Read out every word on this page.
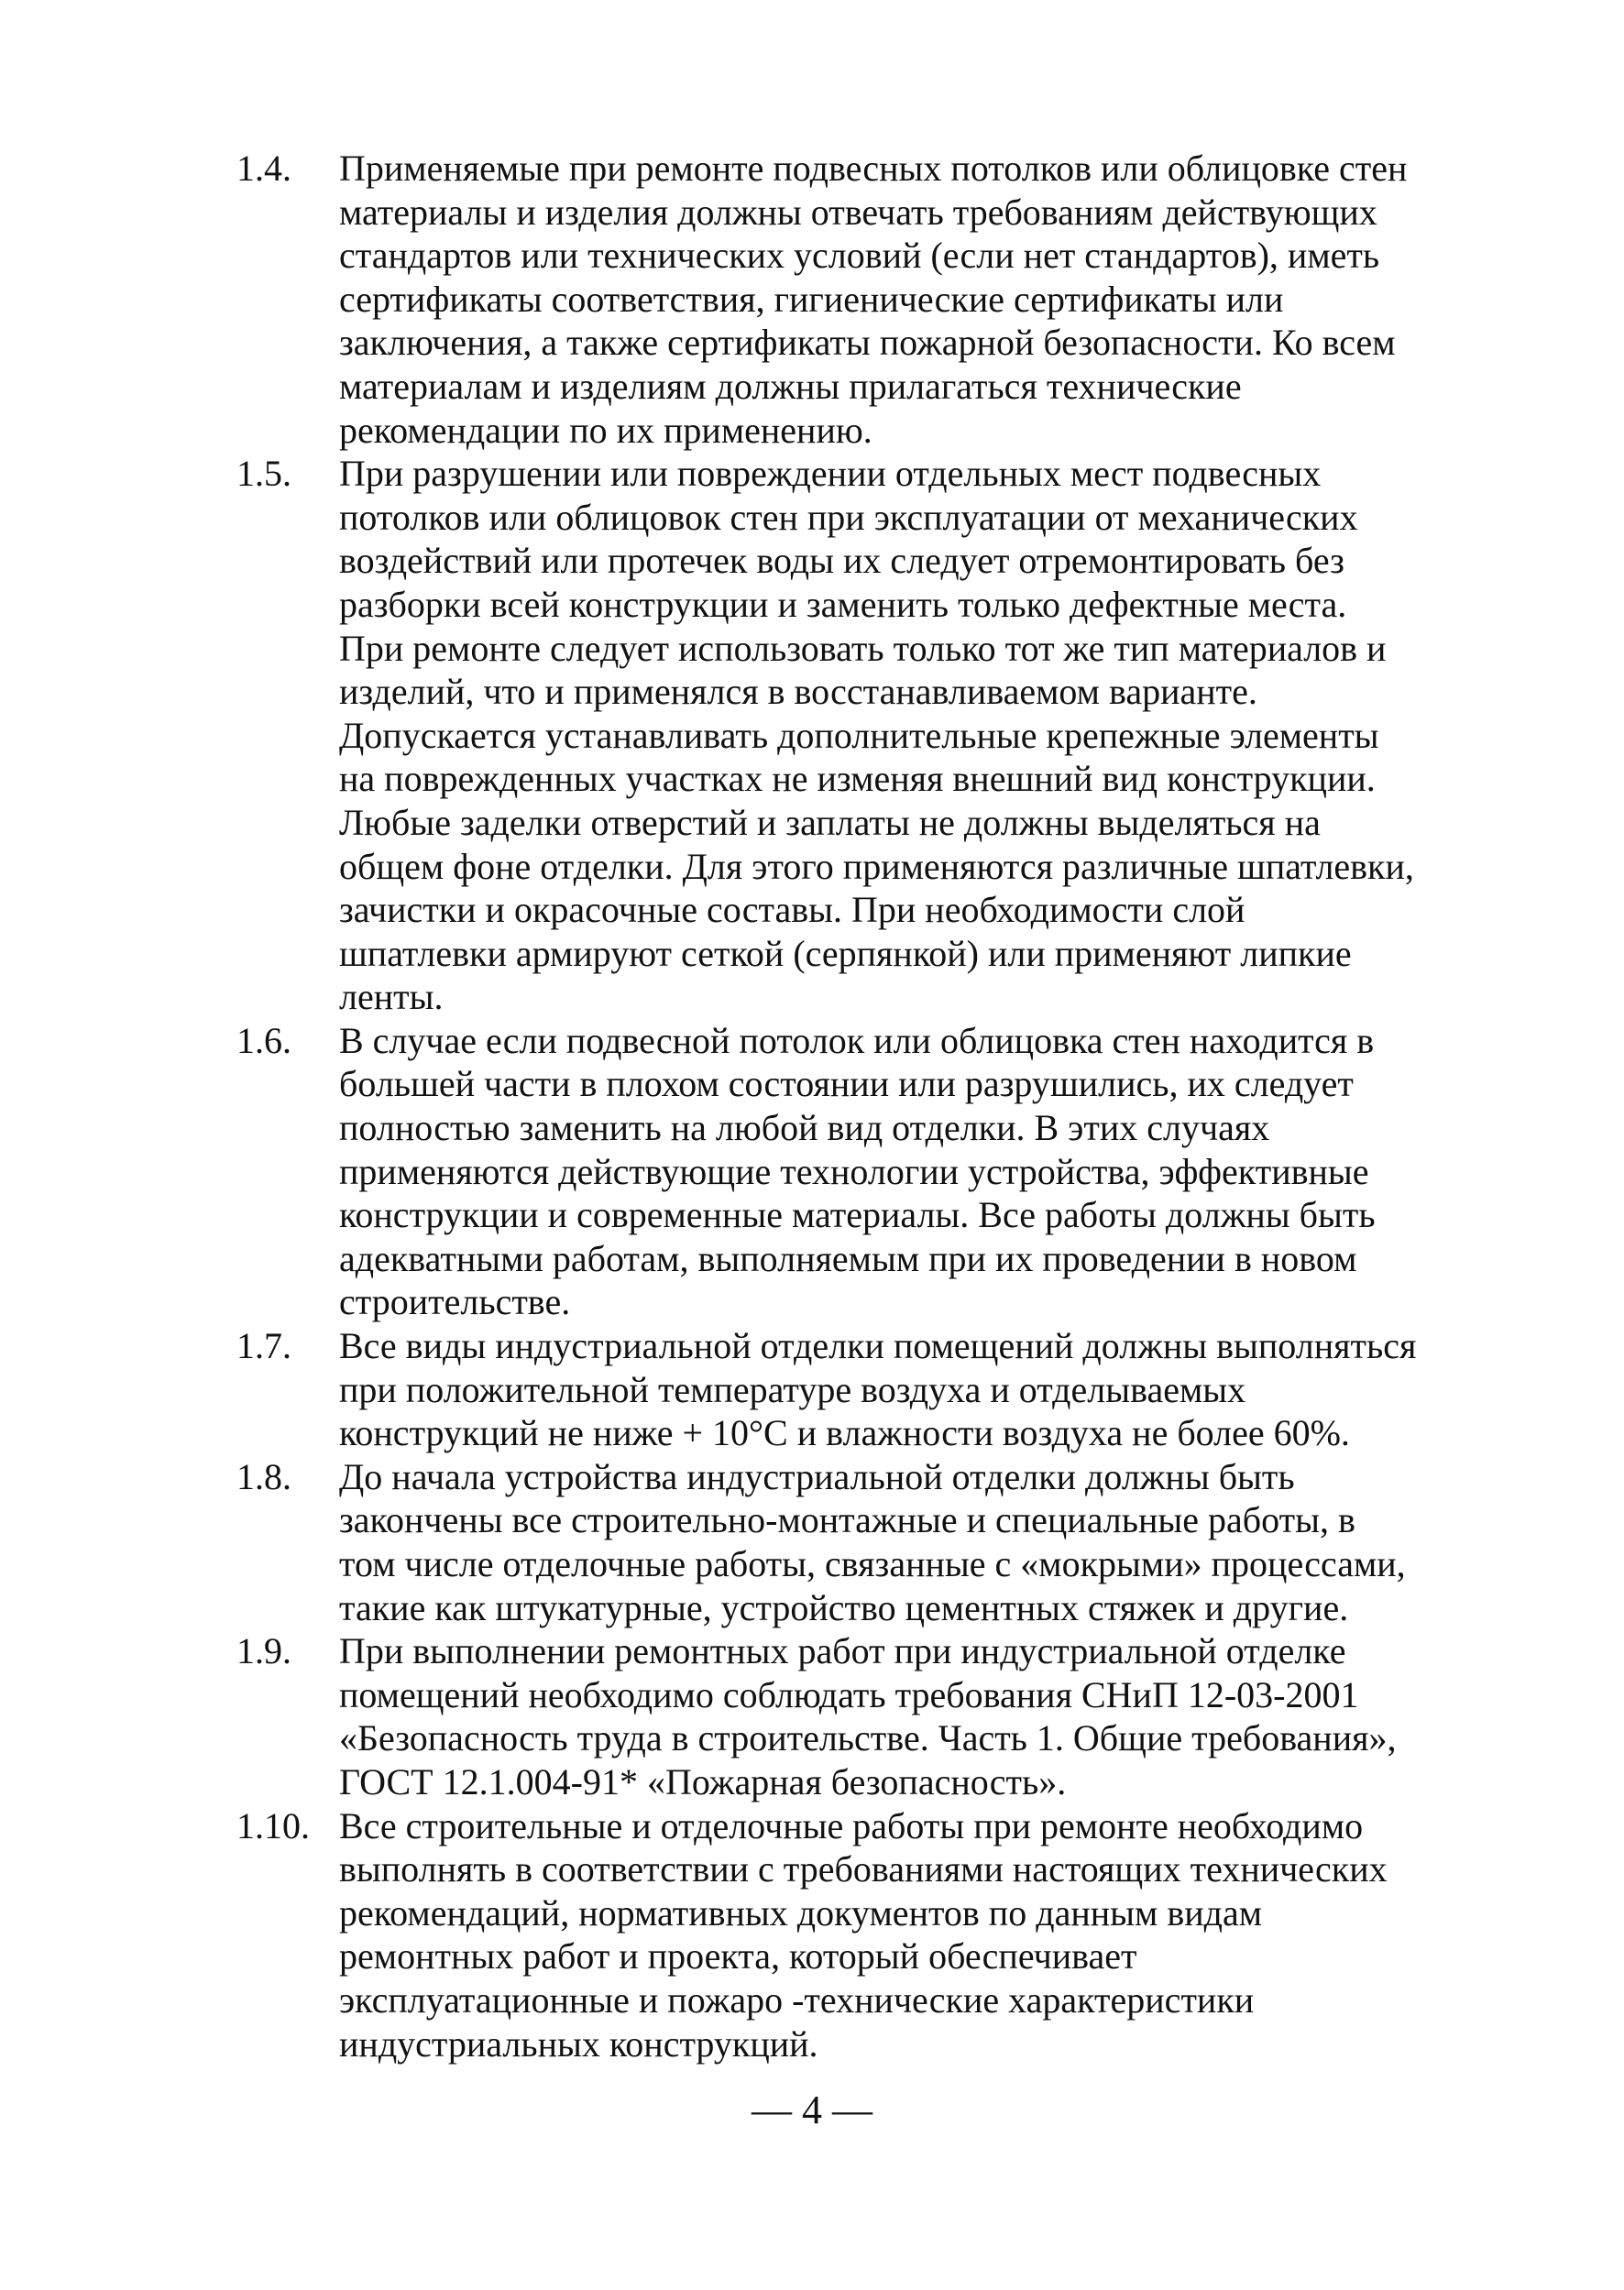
1.4.	Применяемые при ремонте подвесных потолков или облицовке стен
материалы и изделия должны отвечать требованиям действующих
стандартов или технических условий (если нет стандартов), иметь
сертификаты соответствия, гигиенические сертификаты или
заключения, а также сертификаты пожарной безопасности. Ко всем
материалам и изделиям должны прилагаться технические
рекомендации по их применению.
1.5.	При разрушении или повреждении отдельных мест подвесных
потолков или облицовок стен при эксплуатации от механических
воздействий или протечек воды их следует отремонтировать без
разборки всей конструкции и заменить только дефектные места.
При ремонте следует использовать только тот же тип материалов и
изделий, что и применялся в восстанавливаемом варианте.
Допускается устанавливать дополнительные крепежные элементы
на поврежденных участках не изменяя внешний вид конструкции.
Любые заделки отверстий и заплаты не должны выделяться на
общем фоне отделки. Для этого применяются различные шпатлевки,
зачистки и окрасочные составы. При необходимости слой
шпатлевки армируют сеткой (серпянкой) или применяют липкие
ленты.
1.6.	В случае если подвесной потолок или облицовка стен находится в
большей части в плохом состоянии или разрушились, их следует
полностью заменить на любой вид отделки. В этих случаях
применяются действующие технологии устройства, эффективные
конструкции и современные материалы. Все работы должны быть
адекватными работам, выполняемым при их проведении в новом
строительстве.
1.7.	Все виды индустриальной отделки помещений должны выполняться
при положительной температуре воздуха и отделываемых
конструкций не ниже + 10°С и влажности воздуха не более 60%.
1.8.	До начала устройства индустриальной отделки должны быть
закончены все строительно-монтажные и специальные работы, в
том числе отделочные работы, связанные с «мокрыми» процессами,
такие как штукатурные, устройство цементных стяжек и другие.
1.9.	При выполнении ремонтных работ при индустриальной отделке
помещений необходимо соблюдать требования СНиП 12-03-2001
«Безопасность труда в строительстве. Часть 1. Общие требования»,
ГОСТ 12.1.004-91* «Пожарная безопасность».
1.10. Все строительные и отделочные работы при ремонте необходимо
выполнять в соответствии с требованиями настоящих технических
рекомендаций, нормативных документов по данным видам
ремонтных работ и проекта, который обеспечивает
эксплуатационные и пожаро -технические характеристики
индустриальных конструкций.
— 4 —
